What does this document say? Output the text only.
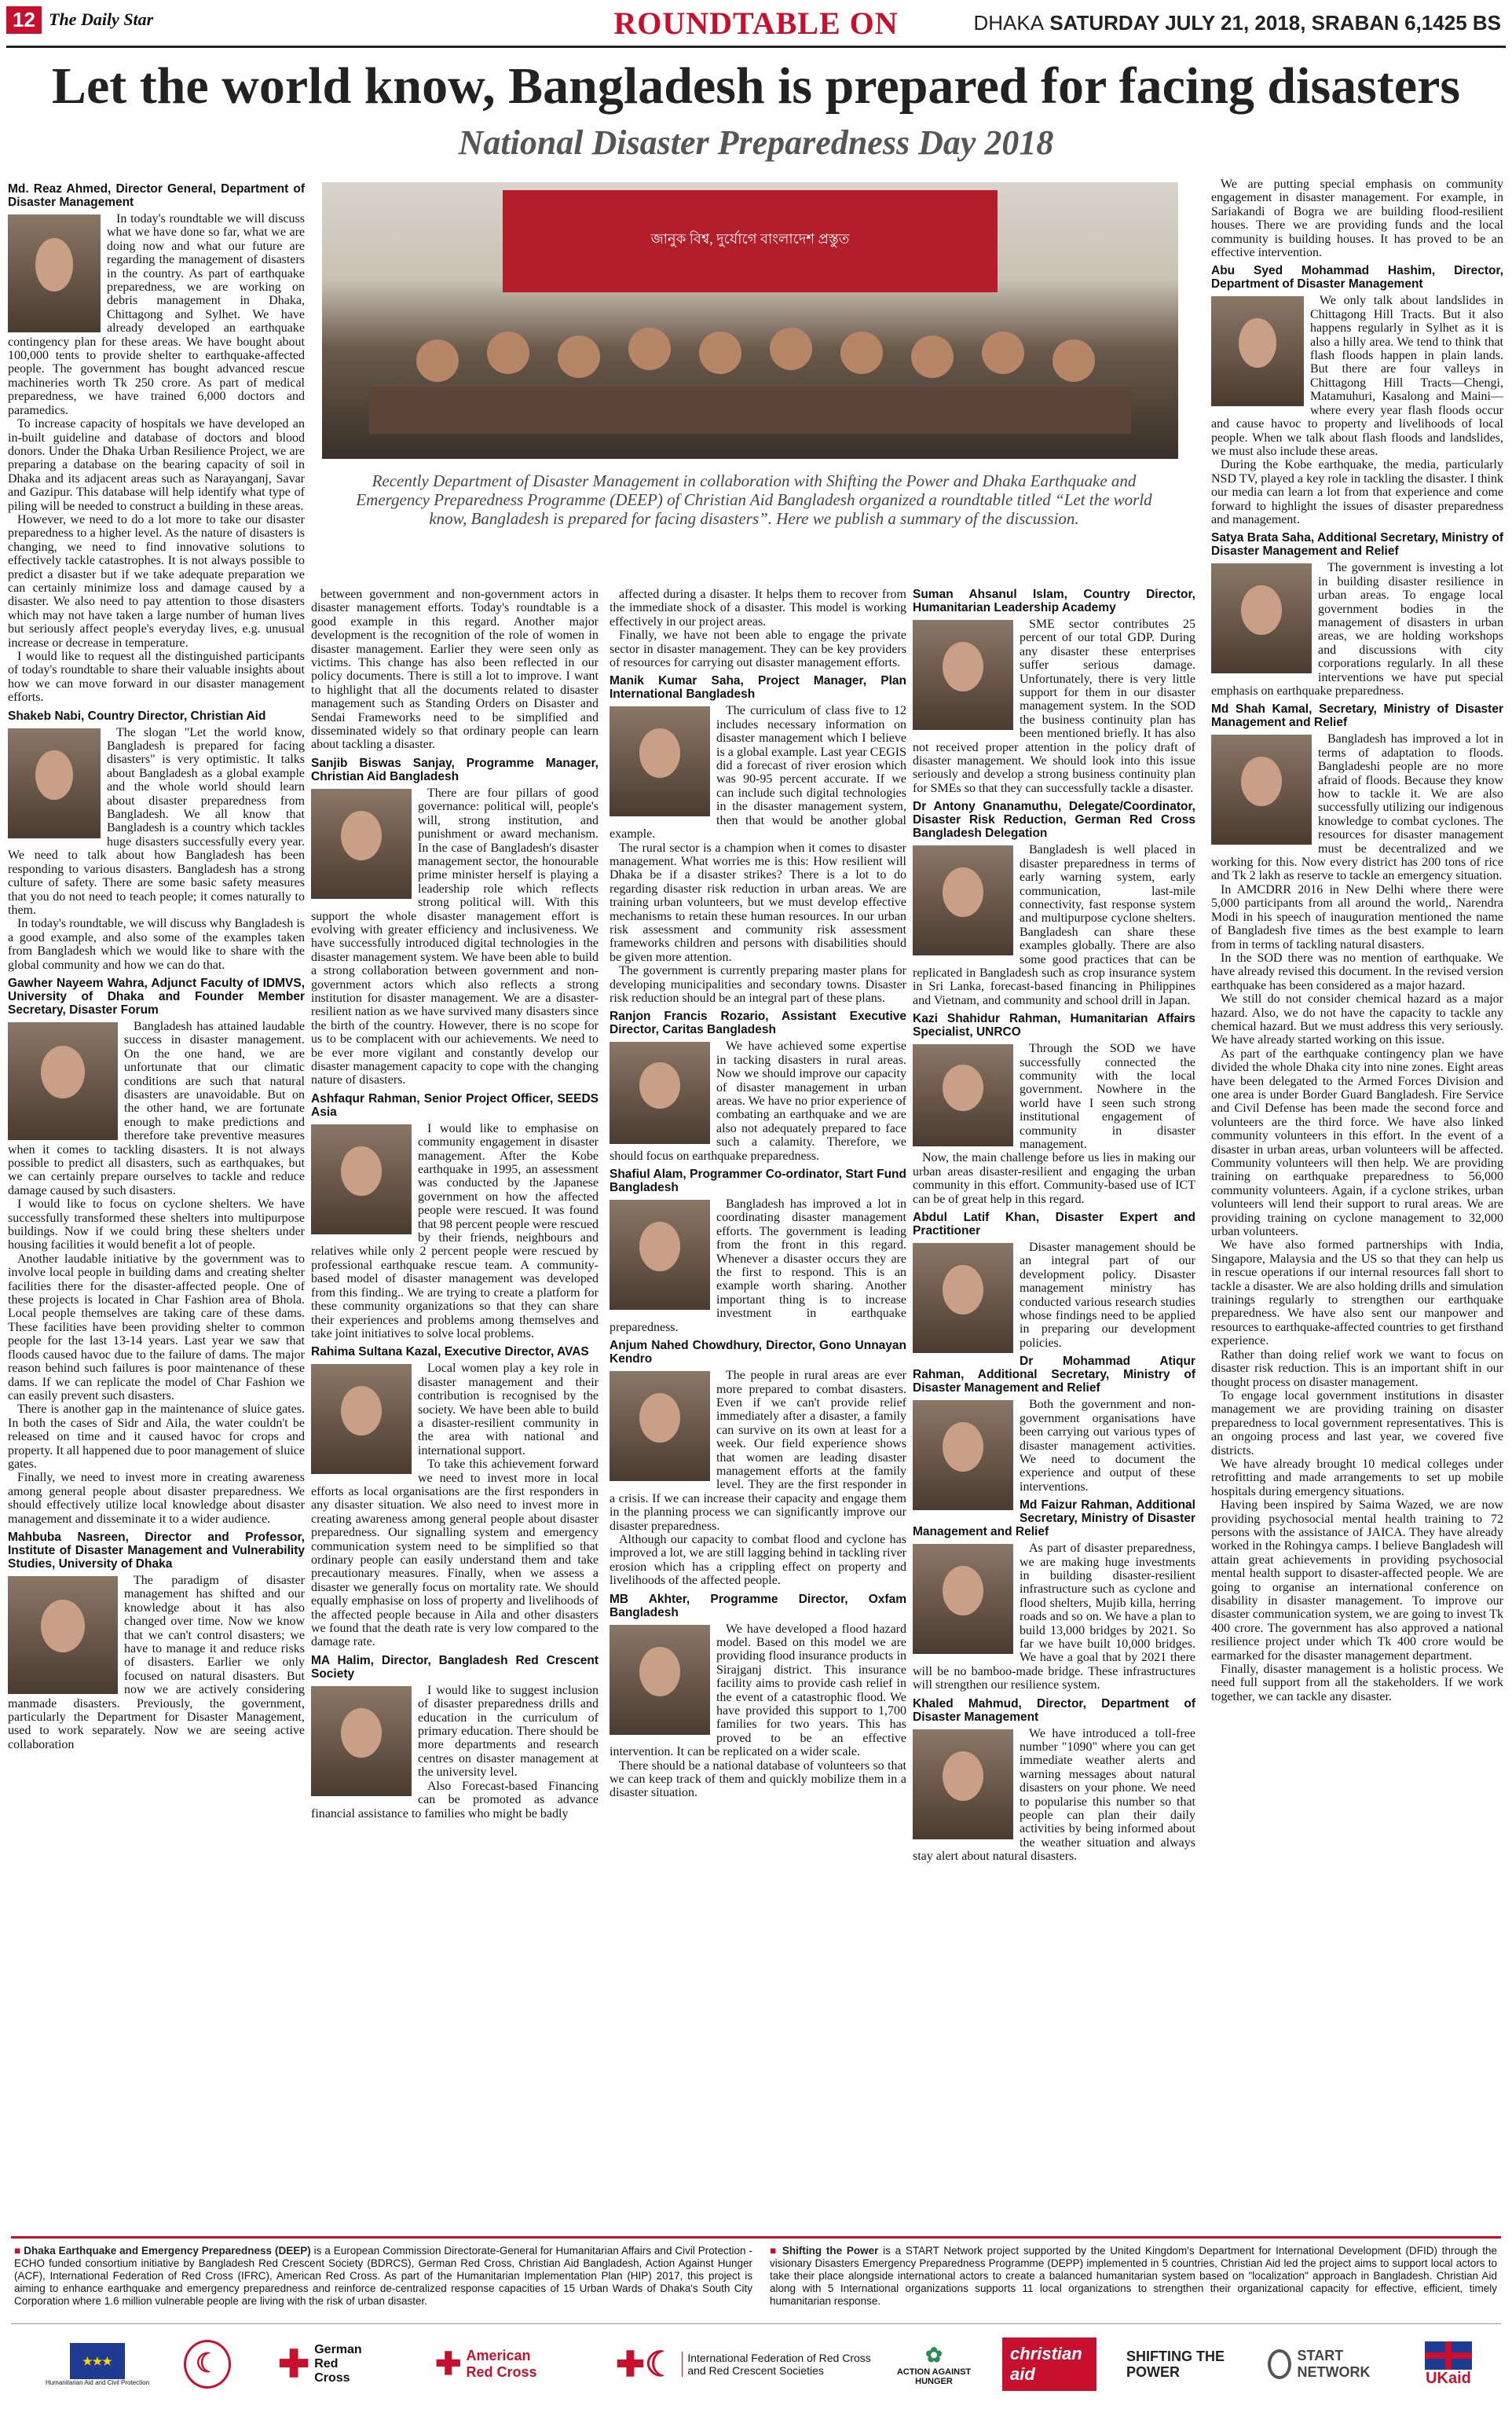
12 The Daily Star	ROUNDTABLE ON	DHAKA SATURDAY JULY 21, 2018, SRABAN 6,1425 BS
Let the world know, Bangladesh is prepared for facing disasters
National Disaster Preparedness Day 2018
জানুক বিশ্ব, দুর্যোগে বাংলাদেশ প্রস্তুত
Recently Department of Disaster Management in collaboration with Shifting the Power and Dhaka Earthquake and Emergency Preparedness Programme (DEEP) of Christian Aid Bangladesh organized a roundtable titled “Let the world know, Bangladesh is prepared for facing disasters”. Here we publish a summary of the discussion.
Md. Reaz Ahmed, Director General, Department of Disaster Management

In today's roundtable we will discuss what we have done so far, what we are doing now and what our future are regarding the management of disasters in the country. As part of earthquake preparedness, we are working on debris management in Dhaka, Chittagong and Sylhet. We have already developed an earthquake contingency plan for these areas. We have bought about 100,000 tents to provide shelter to earthquake-affected people. The government has bought advanced rescue machineries worth Tk 250 crore. As part of medical preparedness, we have trained 6,000 doctors and paramedics.

To increase capacity of hospitals we have developed an in-built guideline and database of doctors and blood donors. Under the Dhaka Urban Resilience Project, we are preparing a database on the bearing capacity of soil in Dhaka and its adjacent areas such as Narayanganj, Savar and Gazipur. This database will help identify what type of piling will be needed to construct a building in these areas.

However, we need to do a lot more to take our disaster preparedness to a higher level. As the nature of disasters is changing, we need to find innovative solutions to effectively tackle catastrophes. It is not always possible to predict a disaster but if we take adequate preparation we can certainly minimize loss and damage caused by a disaster. We also need to pay attention to those disasters which may not have taken a large number of human lives but seriously affect people's everyday lives, e.g. unusual increase or decrease in temperature.

I would like to request all the distinguished participants of today's roundtable to share their valuable insights about how we can move forward in our disaster management efforts.

Shakeb Nabi, Country Director, Christian Aid

The slogan "Let the world know, Bangladesh is prepared for facing disasters" is very optimistic. It talks about Bangladesh as a global example and the whole world should learn about disaster preparedness from Bangladesh. We all know that Bangladesh is a country which tackles huge disasters successfully every year. We need to talk about how Bangladesh has been responding to various disasters. Bangladesh has a strong culture of safety. There are some basic safety measures that you do not need to teach people; it comes naturally to them.

In today's roundtable, we will discuss why Bangladesh is a good example, and also some of the examples taken from Bangladesh which we would like to share with the global community and how we can do that.

Gawher Nayeem Wahra, Adjunct Faculty of IDMVS, University of Dhaka and Founder Member Secretary, Disaster Forum

Bangladesh has attained laudable success in disaster management. On the one hand, we are unfortunate that our climatic conditions are such that natural disasters are unavoidable. But on the other hand, we are fortunate enough to make predictions and therefore take preventive measures when it comes to tackling disasters. It is not always possible to predict all disasters, such as earthquakes, but we can certainly prepare ourselves to tackle and reduce damage caused by such disasters.

I would like to focus on cyclone shelters. We have successfully transformed these shelters into multipurpose buildings. Now if we could bring these shelters under housing facilities it would benefit a lot of people.

Another laudable initiative by the government was to involve local people in building dams and creating shelter facilities there for the disaster-affected people. One of these projects is located in Char Fashion area of Bhola. Local people themselves are taking care of these dams. These facilities have been providing shelter to common people for the last 13-14 years. Last year we saw that floods caused havoc due to the failure of dams. The major reason behind such failures is poor maintenance of these dams. If we can replicate the model of Char Fashion we can easily prevent such disasters.

There is another gap in the maintenance of sluice gates. In both the cases of Sidr and Aila, the water couldn't be released on time and it caused havoc for crops and property. It all happened due to poor management of sluice gates.

Finally, we need to invest more in creating awareness among general people about disaster preparedness. We should effectively utilize local knowledge about disaster management and disseminate it to a wider audience.

Mahbuba Nasreen, Director and Professor, Institute of Disaster Management and Vulnerability Studies, University of Dhaka

The paradigm of disaster management has shifted and our knowledge about it has also changed over time. Now we know that we can't control disasters; we have to manage it and reduce risks of disasters. Earlier we only focused on natural disasters. But now we are actively considering manmade disasters. Previously, the government, particularly the Department for Disaster Management, used to work separately. Now we are seeing active collaboration

between government and non-government actors in disaster management efforts. Today's roundtable is a good example in this regard. Another major development is the recognition of the role of women in disaster management. Earlier they were seen only as victims. This change has also been reflected in our policy documents. There is still a lot to improve. I want to highlight that all the documents related to disaster management such as Standing Orders on Disaster and Sendai Frameworks need to be simplified and disseminated widely so that ordinary people can learn about tackling a disaster.

Sanjib Biswas Sanjay, Programme Manager, Christian Aid Bangladesh

There are four pillars of good governance: political will, people's will, strong institution, and punishment or award mechanism. In the case of Bangladesh's disaster management sector, the honourable prime minister herself is playing a leadership role which reflects strong political will. With this support the whole disaster management effort is evolving with greater efficiency and inclusiveness. We have successfully introduced digital technologies in the disaster management system. We have been able to build a strong collaboration between government and non-government actors which also reflects a strong institution for disaster management. We are a disaster-resilient nation as we have survived many disasters since the birth of the country. However, there is no scope for us to be complacent with our achievements. We need to be ever more vigilant and constantly develop our disaster management capacity to cope with the changing nature of disasters.

Ashfaqur Rahman, Senior Project Officer, SEEDS Asia

I would like to emphasise on community engagement in disaster management. After the Kobe earthquake in 1995, an assessment was conducted by the Japanese government on how the affected people were rescued. It was found that 98 percent people were rescued by their friends, neighbours and relatives while only 2 percent people were rescued by professional earthquake rescue team. A community-based model of disaster management was developed from this finding.. We are trying to create a platform for these community organizations so that they can share their experiences and problems among themselves and take joint initiatives to solve local problems.

Rahima Sultana Kazal, Executive Director, AVAS

Local women play a key role in disaster management and their contribution is recognised by the society. We have been able to build a disaster-resilient community in the area with national and international support.

To take this achievement forward we need to invest more in local efforts as local organisations are the first responders in any disaster situation. We also need to invest more in creating awareness among general people about disaster preparedness. Our signalling system and emergency communication system need to be simplified so that ordinary people can easily understand them and take precautionary measures. Finally, when we assess a disaster we generally focus on mortality rate. We should equally emphasise on loss of property and livelihoods of the affected people because in Aila and other disasters we found that the death rate is very low compared to the damage rate.

MA Halim, Director, Bangladesh Red Crescent Society

I would like to suggest inclusion of disaster preparedness drills and education in the curriculum of primary education. There should be more departments and research centres on disaster management at the university level.

Also Forecast-based Financing can be promoted as advance financial assistance to families who might be badly

affected during a disaster. It helps them to recover from the immediate shock of a disaster. This model is working effectively in our project areas.

Finally, we have not been able to engage the private sector in disaster management. They can be key providers of resources for carrying out disaster management efforts.

Manik Kumar Saha, Project Manager, Plan International Bangladesh

The curriculum of class five to 12 includes necessary information on disaster management which I believe is a global example. Last year CEGIS did a forecast of river erosion which was 90-95 percent accurate. If we can include such digital technologies in the disaster management system, then that would be another global example.

The rural sector is a champion when it comes to disaster management. What worries me is this: How resilient will Dhaka be if a disaster strikes? There is a lot to do regarding disaster risk reduction in urban areas. We are training urban volunteers, but we must develop effective mechanisms to retain these human resources. In our urban risk assessment and community risk assessment frameworks children and persons with disabilities should be given more attention.

The government is currently preparing master plans for developing municipalities and secondary towns. Disaster risk reduction should be an integral part of these plans.

Ranjon Francis Rozario, Assistant Executive Director, Caritas Bangladesh

We have achieved some expertise in tacking disasters in rural areas. Now we should improve our capacity of disaster management in urban areas. We have no prior experience of combating an earthquake and we are also not adequately prepared to face such a calamity. Therefore, we should focus on earthquake preparedness.

Shafiul Alam, Programmer Co-ordinator, Start Fund Bangladesh

Bangladesh has improved a lot in coordinating disaster management efforts. The government is leading from the front in this regard. Whenever a disaster occurs they are the first to respond. This is an example worth sharing. Another important thing is to increase investment in earthquake preparedness.

Anjum Nahed Chowdhury, Director, Gono Unnayan Kendro

The people in rural areas are ever more prepared to combat disasters. Even if we can't provide relief immediately after a disaster, a family can survive on its own at least for a week. Our field experience shows that women are leading disaster management efforts at the family level. They are the first responder in a crisis. If we can increase their capacity and engage them in the planning process we can significantly improve our disaster preparedness.

Although our capacity to combat flood and cyclone has improved a lot, we are still lagging behind in tackling river erosion which has a crippling effect on property and livelihoods of the affected people.

MB Akhter, Programme Director, Oxfam Bangladesh

We have developed a flood hazard model. Based on this model we are providing flood insurance products in Sirajganj district. This insurance facility aims to provide cash relief in the event of a catastrophic flood. We have provided this support to 1,700 families for two years. This has proved to be an effective intervention. It can be replicated on a wider scale.

There should be a national database of volunteers so that we can keep track of them and quickly mobilize them in a disaster situation.

Suman Ahsanul Islam, Country Director, Humanitarian Leadership Academy

SME sector contributes 25 percent of our total GDP. During any disaster these enterprises suffer serious damage. Unfortunately, there is very little support for them in our disaster management system. In the SOD the business continuity plan has been mentioned briefly. It has also not received proper attention in the policy draft of disaster management. We should look into this issue seriously and develop a strong business continuity plan for SMEs so that they can successfully tackle a disaster.

Dr Antony Gnanamuthu, Delegate/Coordinator, Disaster Risk Reduction, German Red Cross Bangladesh Delegation

Bangladesh is well placed in disaster preparedness in terms of early warning system, early communication, last-mile connectivity, fast response system and multipurpose cyclone shelters. Bangladesh can share these examples globally. There are also some good practices that can be replicated in Bangladesh such as crop insurance system in Sri Lanka, forecast-based financing in Philippines and Vietnam, and community and school drill in Japan.

Kazi Shahidur Rahman, Humanitarian Affairs Specialist, UNRCO

Through the SOD we have successfully connected the community with the local government. Nowhere in the world have I seen such strong institutional engagement of community in disaster management.

Now, the main challenge before us lies in making our urban areas disaster-resilient and engaging the urban community in this effort. Community-based use of ICT can be of great help in this regard.

Abdul Latif Khan, Disaster Expert and Practitioner

Disaster management should be an integral part of our development policy. Disaster management ministry has conducted various research studies whose findings need to be applied in preparing our development policies.

Dr Mohammad Atiqur Rahman, Additional Secretary, Ministry of Disaster Management and Relief

Both the government and non-government organisations have been carrying out various types of disaster management activities. We need to document the experience and output of these interventions.

Md Faizur Rahman, Additional Secretary, Ministry of Disaster Management and Relief

As part of disaster preparedness, we are making huge investments in building disaster-resilient infrastructure such as cyclone and flood shelters, Mujib killa, herring roads and so on. We have a plan to build 13,000 bridges by 2021. So far we have built 10,000 bridges. We have a goal that by 2021 there will be no bamboo-made bridge. These infrastructures will strengthen our resilience system.

Khaled Mahmud, Director, Department of Disaster Management

We have introduced a toll-free number "1090" where you can get immediate weather alerts and warning messages about natural disasters on your phone. We need to popularise this number so that people can plan their daily activities by being informed about the weather situation and always stay alert about natural disasters.

We are putting special emphasis on community engagement in disaster management. For example, in Sariakandi of Bogra we are building flood-resilient houses. There we are providing funds and the local community is building houses. It has proved to be an effective intervention.

Abu Syed Mohammad Hashim, Director, Department of Disaster Management

We only talk about landslides in Chittagong Hill Tracts. But it also happens regularly in Sylhet as it is also a hilly area. We tend to think that flash floods happen in plain lands. But there are four valleys in Chittagong Hill Tracts—Chengi, Matamuhuri, Kasalong and Maini—where every year flash floods occur and cause havoc to property and livelihoods of local people. When we talk about flash floods and landslides, we must also include these areas.

During the Kobe earthquake, the media, particularly NSD TV, played a key role in tackling the disaster. I think our media can learn a lot from that experience and come forward to highlight the issues of disaster preparedness and management.

Satya Brata Saha, Additional Secretary, Ministry of Disaster Management and Relief

The government is investing a lot in building disaster resilience in urban areas. To engage local government bodies in the management of disasters in urban areas, we are holding workshops and discussions with city corporations regularly. In all these interventions we have put special emphasis on earthquake preparedness.

Md Shah Kamal, Secretary, Ministry of Disaster Management and Relief

Bangladesh has improved a lot in terms of adaptation to floods. Bangladeshi people are no more afraid of floods. Because they know how to tackle it. We are also successfully utilizing our indigenous knowledge to combat cyclones. The resources for disaster management must be decentralized and we working for this. Now every district has 200 tons of rice and Tk 2 lakh as reserve to tackle an emergency situation.

In AMCDRR 2016 in New Delhi where there were 5,000 participants from all around the world,. Narendra Modi in his speech of inauguration mentioned the name of Bangladesh five times as the best example to learn from in terms of tackling natural disasters.

In the SOD there was no mention of earthquake. We have already revised this document. In the revised version earthquake has been considered as a major hazard.

We still do not consider chemical hazard as a major hazard. Also, we do not have the capacity to tackle any chemical hazard. But we must address this very seriously. We have already started working on this issue.

As part of the earthquake contingency plan we have divided the whole Dhaka city into nine zones. Eight areas have been delegated to the Armed Forces Division and one area is under Border Guard Bangladesh. Fire Service and Civil Defense has been made the second force and volunteers are the third force. We have also linked community volunteers in this effort. In the event of a disaster in urban areas, urban volunteers will be affected. Community volunteers will then help. We are providing training on earthquake preparedness to 56,000 community volunteers. Again, if a cyclone strikes, urban volunteers will lend their support to rural areas. We are providing training on cyclone management to 32,000 urban volunteers.

We have also formed partnerships with India, Singapore, Malaysia and the US so that they can help us in rescue operations if our internal resources fall short to tackle a disaster. We are also holding drills and simulation trainings regularly to strengthen our earthquake preparedness. We have also sent our manpower and resources to earthquake-affected countries to get firsthand experience.

Rather than doing relief work we want to focus on disaster risk reduction. This is an important shift in our thought process on disaster management.

To engage local government institutions in disaster management we are providing training on disaster preparedness to local government representatives. This is an ongoing process and last year, we covered five districts.

We have already brought 10 medical colleges under retrofitting and made arrangements to set up mobile hospitals during emergency situations.

Having been inspired by Saima Wazed, we are now providing psychosocial mental health training to 72 persons with the assistance of JAICA. They have already worked in the Rohingya camps. I believe Bangladesh will attain great achievements in providing psychosocial mental health support to disaster-affected people. We are going to organise an international conference on disability in disaster management. To improve our disaster communication system, we are going to invest Tk 400 crore. The government has also approved a national resilience project under which Tk 400 crore would be earmarked for the disaster management department.

Finally, disaster management is a holistic process. We need full support from all the stakeholders. If we work together, we can tackle any disaster.

■ Dhaka Earthquake and Emergency Preparedness (DEEP) is a European Commission Directorate-General for Humanitarian Affairs and Civil Protection -ECHO funded consortium initiative by Bangladesh Red Crescent Society (BDRCS), German Red Cross, Christian Aid Bangladesh, Action Against Hunger (ACF), International Federation of Red Cross (IFRC), American Red Cross. As part of the Humanitarian Implementation Plan (HIP) 2017, this project is aiming to enhance earthquake and emergency preparedness and reinforce de-centralized response capacities of 15 Urban Wards of Dhaka's South City Corporation where 1.6 million vulnerable people are living with the risk of urban disaster.
■ Shifting the Power is a START Network project supported by the United Kingdom's Department for International Development (DFID) through the visionary Disasters Emergency Preparedness Programme (DEPP) implemented in 5 countries, Christian Aid led the project aims to support local actors to take their place alongside international actors to create a balanced humanitarian system based on "localization" approach in Bangladesh. Christian Aid along with 5 International organizations supports 11 local organizations to strengthen their organizational capacity for effective, efficient, timely humanitarian response.
★★★
Humanitarian Aid and Civil Protection
☾	✚ German Red Cross	✚ American Red Cross	✚☾	International Federation of Red Cross and Red Crescent Societies
✿
ACTION AGAINST HUNGER
christian aid
SHIFTING THE POWER
START NETWORK	UKaid
